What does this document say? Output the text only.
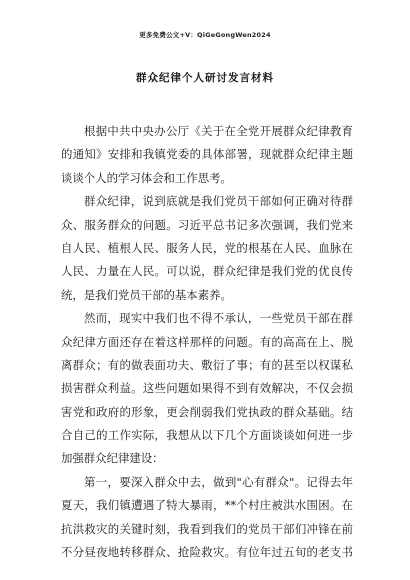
更多免费公文+V：QiGeGongWen2024
群众纪律个人研讨发言材料
根据中共中央办公厅《关于在全党开展群众纪律教育
的通知》安排和我镇党委的具体部署，现就群众纪律主题
谈谈个人的学习体会和工作思考。
群众纪律，说到底就是我们党员干部如何正确对待群
众、服务群众的问题。习近平总书记多次强调，我们党来
自人民、植根人民、服务人民，党的根基在人民、血脉在
人民、力量在人民。可以说，群众纪律是我们党的优良传
统，是我们党员干部的基本素养。
然而，现实中我们也不得不承认，一些党员干部在群
众纪律方面还存在着这样那样的问题。有的高高在上、脱
离群众；有的做表面功夫、敷衍了事；有的甚至以权谋私
损害群众利益。这些问题如果得不到有效解决，不仅会损
害党和政府的形象，更会削弱我们党执政的群众基础。结
合自己的工作实际，我想从以下几个方面谈谈如何进一步
加强群众纪律建设：
第一，要深入群众中去，做到"心有群众"。记得去年
夏天，我们镇遭遇了特大暴雨，**个村庄被洪水围困。在
抗洪救灾的关键时刻，我看到我们的党员干部们冲锋在前
不分昼夜地转移群众、抢险救灾。有位年过五旬的老支书
